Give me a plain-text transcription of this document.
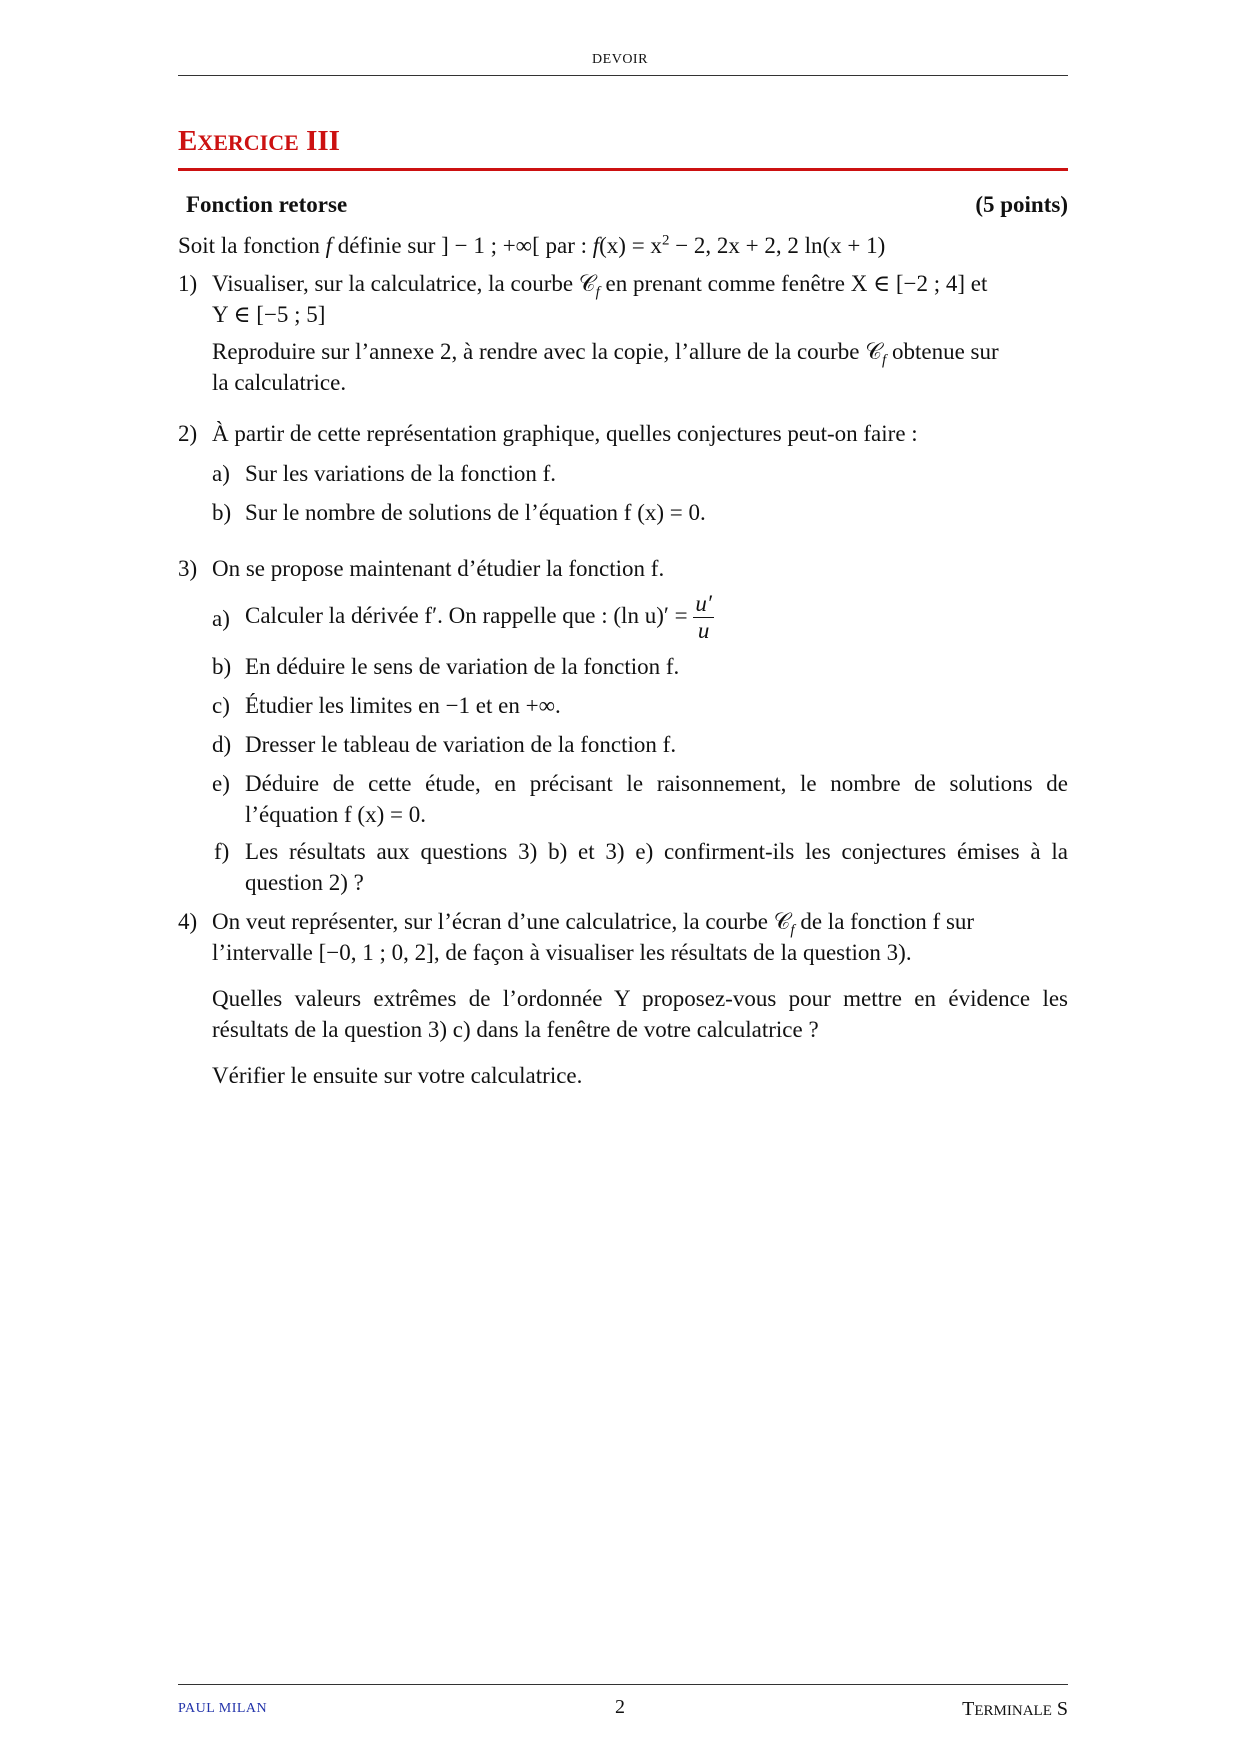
DEVOIR
EXERCICE III
Fonction retorse	(5 points)
Soit la fonction f définie sur ] − 1 ; +∞[ par : $f(x) = x^2 - 2$, 2x + 2, 2 ln(x + 1)
1) Visualiser, sur la calculatrice, la courbe 𝒞$_f$ en prenant comme fenêtre X ∈ [−2 ; 4] et
Y ∈ [−5 ; 5]
Reproduire sur l’annexe 2, à rendre avec la copie, l’allure de la courbe 𝒞$_f$ obtenue sur
la calculatrice.
2) À partir de cette représentation graphique, quelles conjectures peut-on faire :
a) Sur les variations de la fonction f.
b) Sur le nombre de solutions de l’équation f (x) = 0.
3) On se propose maintenant d’étudier la fonction f.
a) Calculer la dérivée f′. On rappelle que : (ln $u)' = \frac{u'}{u}$
b) En déduire le sens de variation de la fonction f.
c) Étudier les limites en −1 et en +∞.
d) Dresser le tableau de variation de la fonction f.
e) Déduire de cette étude, en précisant le raisonnement, le nombre de solutions de
l’équation f (x) = 0.
f) Les résultats aux questions 3) b) et 3) e) confirment-ils les conjectures émises à la
question 2) ?
4) On veut représenter, sur l’écran d’une calculatrice, la courbe 𝒞$_f$ de la fonction f sur
l’intervalle [−0, 1 ; 0, 2], de façon à visualiser les résultats de la question 3).
Quelles valeurs extrêmes de l’ordonnée Y proposez-vous pour mettre en évidence les
résultats de la question 3) c) dans la fenêtre de votre calculatrice ?
Vérifier le ensuite sur votre calculatrice.
PAUL MILAN	2	TERMINALE S
